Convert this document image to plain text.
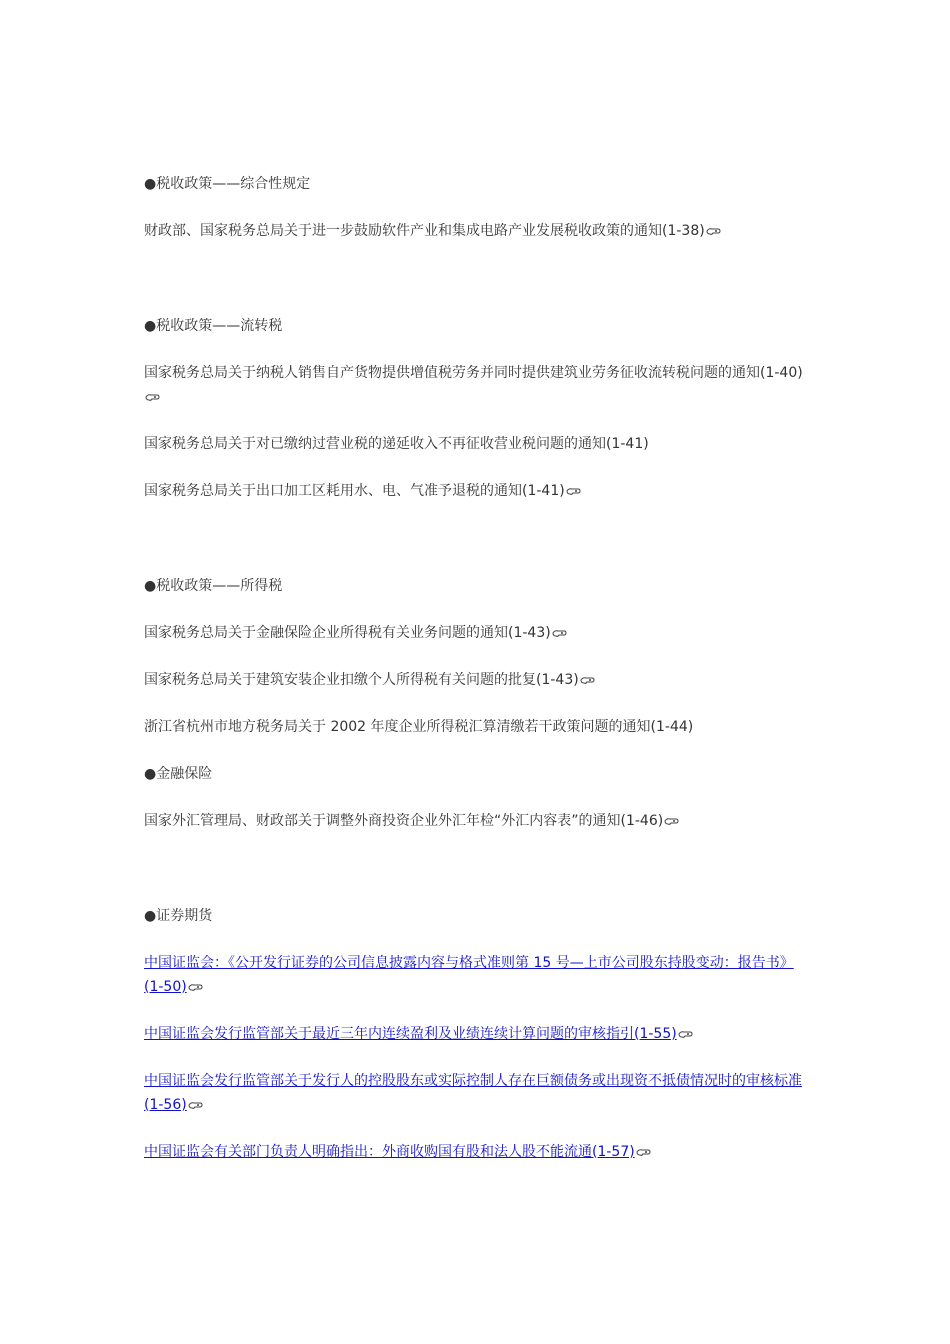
●税收政策——综合性规定

财政部、国家税务总局关于进一步鼓励软件产业和集成电路产业发展税收政策的通知(1-38)

●税收政策——流转税

国家税务总局关于纳税人销售自产货物提供增值税劳务并同时提供建筑业劳务征收流转税问题的通知(1-40)

国家税务总局关于对已缴纳过营业税的递延收入不再征收营业税问题的通知(1-41)

国家税务总局关于出口加工区耗用水、电、气准予退税的通知(1-41)

●税收政策——所得税

国家税务总局关于金融保险企业所得税有关业务问题的通知(1-43)

国家税务总局关于建筑安装企业扣缴个人所得税有关问题的批复(1-43)

浙江省杭州市地方税务局关于 2002 年度企业所得税汇算清缴若干政策问题的通知(1-44)

●金融保险

国家外汇管理局、财政部关于调整外商投资企业外汇年检“外汇内容表”的通知(1-46)

●证券期货

中国证监会：《公开发行证券的公司信息披露内容与格式准则第 15 号—上市公司股东持股变动：报告书》(1-50)

中国证监会发行监管部关于最近三年内连续盈利及业绩连续计算问题的审核指引(1-55)

中国证监会发行监管部关于发行人的控股股东或实际控制人存在巨额债务或出现资不抵债情况时的审核标准(1-56)

中国证监会有关部门负责人明确指出：外商收购国有股和法人股不能流通(1-57)
